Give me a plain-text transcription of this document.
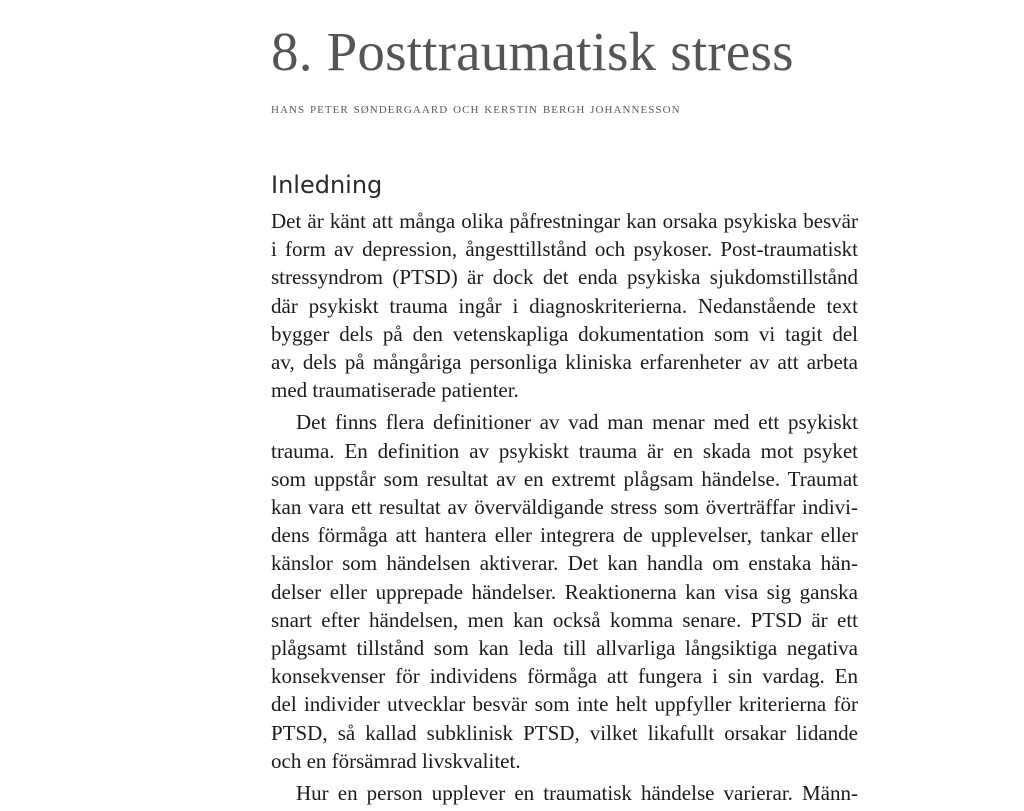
8. Posttraumatisk stress

hans peter søndergaard och kerstin bergh johannesson

Inledning

Det är känt att många olika påfrestningar kan orsaka psykiska besvär
i form av depression, ångesttillstånd och psykoser. Post-traumatiskt
stressyndrom (PTSD) är dock det enda psykiska sjukdomstillstånd
där psykiskt trauma ingår i diagnoskriterierna. Nedanstående text
bygger dels på den vetenskapliga dokumentation som vi tagit del
av, dels på mångåriga personliga kliniska erfarenheter av att arbeta
med traumatiserade patienter.

Det finns flera definitioner av vad man menar med ett psykiskt
trauma. En definition av psykiskt trauma är en skada mot psyket
som uppstår som resultat av en extremt plågsam händelse. Traumat
kan vara ett resultat av överväldigande stress som överträffar indivi-
dens förmåga att hantera eller integrera de upplevelser, tankar eller
känslor som händelsen aktiverar. Det kan handla om enstaka hän-
delser eller upprepade händelser. Reaktionerna kan visa sig ganska
snart efter händelsen, men kan också komma senare. PTSD är ett
plågsamt tillstånd som kan leda till allvarliga långsiktiga negativa
konsekvenser för individens förmåga att fungera i sin vardag. En
del individer utvecklar besvär som inte helt uppfyller kriterierna för
PTSD, så kallad subklinisk PTSD, vilket likafullt orsakar lidande
och en försämrad livskvalitet.

Hur en person upplever en traumatisk händelse varierar. Männ-
